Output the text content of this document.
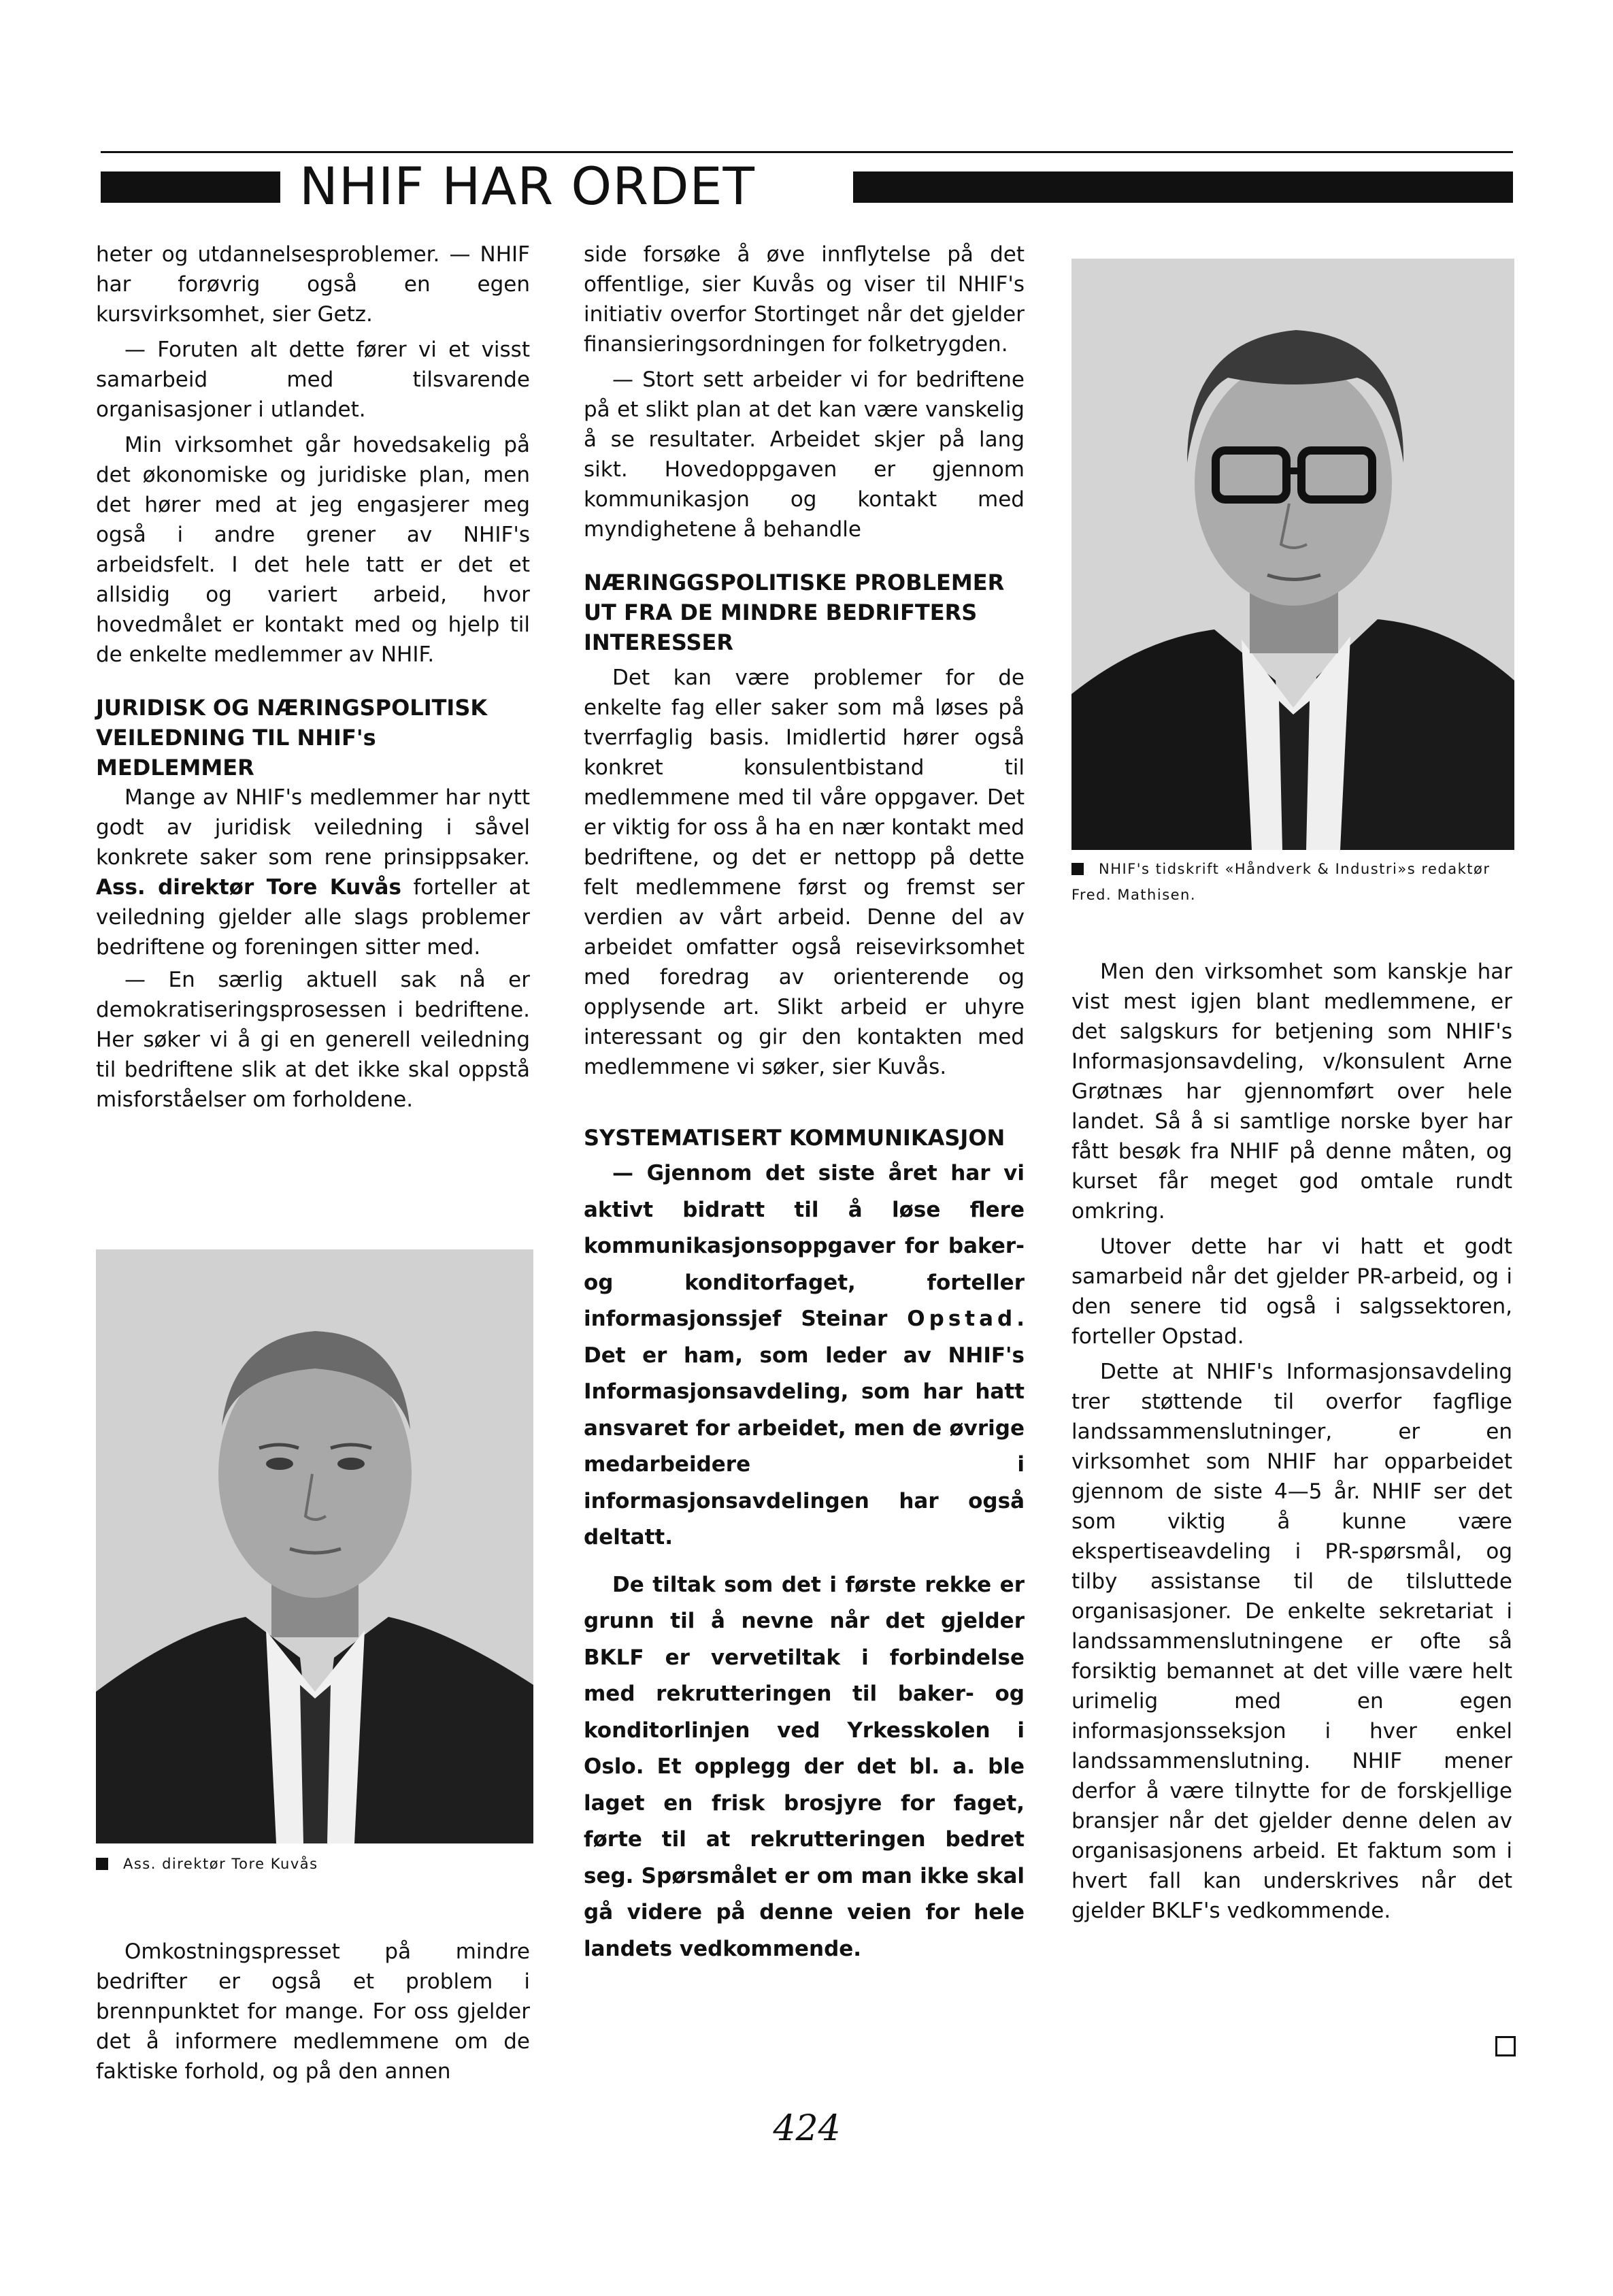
NHIF HAR ORDET

heter og utdannelsesproblemer. — NHIF har forøvrig også en egen kursvirksomhet, sier Getz.

— Foruten alt dette fører vi et visst samarbeid med tilsvarende organisasjoner i utlandet.

Min virksomhet går hovedsakelig på det økonomiske og juridiske plan, men det hører med at jeg engasjerer meg også i andre grener av NHIF's arbeidsfelt. I det hele tatt er det et allsidig og variert arbeid, hvor hovedmålet er kontakt med og hjelp til de enkelte medlemmer av NHIF.

JURIDISK OG NÆRINGSPOLITISK VEILEDNING TIL NHIF's MEDLEMMER

Mange av NHIF's medlemmer har nytt godt av juridisk veiledning i såvel konkrete saker som rene prinsippsaker. Ass. direktør Tore Kuvås forteller at veiledning gjelder alle slags problemer bedriftene og foreningen sitter med.

— En særlig aktuell sak nå er demokratiseringsprosessen i bedriftene. Her søker vi å gi en generell veiledning til bedriftene slik at det ikke skal oppstå misforståelser om forholdene.

Ass. direktør Tore Kuvås

Omkostningspresset på mindre bedrifter er også et problem i brennpunktet for mange. For oss gjelder det å informere medlemmene om de faktiske forhold, og på den annen

side forsøke å øve innflytelse på det offentlige, sier Kuvås og viser til NHIF's initiativ overfor Stortinget når det gjelder finansieringsordningen for folketrygden.

— Stort sett arbeider vi for bedriftene på et slikt plan at det kan være vanskelig å se resultater. Arbeidet skjer på lang sikt. Hovedoppgaven er gjennom kommunikasjon og kontakt med myndighetene å behandle

NÆRINGGSPOLITISKE PROBLEMER UT FRA DE MINDRE BEDRIFTERS INTERESSER

Det kan være problemer for de enkelte fag eller saker som må løses på tverrfaglig basis. Imidlertid hører også konkret konsulentbistand til medlemmene med til våre oppgaver. Det er viktig for oss å ha en nær kontakt med bedriftene, og det er nettopp på dette felt medlemmene først og fremst ser verdien av vårt arbeid. Denne del av arbeidet omfatter også reisevirksomhet med foredrag av orienterende og opplysende art. Slikt arbeid er uhyre interessant og gir den kontakten med medlemmene vi søker, sier Kuvås.

SYSTEMATISERT KOMMUNIKASJON

— Gjennom det siste året har vi aktivt bidratt til å løse flere kommunikasjonsoppgaver for baker- og konditorfaget, forteller informasjonssjef Steinar Opstad. Det er ham, som leder av NHIF's Informasjonsavdeling, som har hatt ansvaret for arbeidet, men de øvrige medarbeidere i informasjonsavdelingen har også deltatt.

De tiltak som det i første rekke er grunn til å nevne når det gjelder BKLF er vervetiltak i forbindelse med rekrutteringen til baker- og konditorlinjen ved Yrkesskolen i Oslo. Et opplegg der det bl. a. ble laget en frisk brosjyre for faget, førte til at rekrutteringen bedret seg. Spørsmålet er om man ikke skal gå videre på denne veien for hele landets vedkommende.

NHIF's tidskrift «Håndverk & Industri»s redaktør Fred. Mathisen.

Men den virksomhet som kanskje har vist mest igjen blant medlemmene, er det salgskurs for betjening som NHIF's Informasjonsavdeling, v/konsulent Arne Grøtnæs har gjennomført over hele landet. Så å si samtlige norske byer har fått besøk fra NHIF på denne måten, og kurset får meget god omtale rundt omkring.

Utover dette har vi hatt et godt samarbeid når det gjelder PR-arbeid, og i den senere tid også i salgssektoren, forteller Opstad.

Dette at NHIF's Informasjonsavdeling trer støttende til overfor fagflige landssammenslutninger, er en virksomhet som NHIF har opparbeidet gjennom de siste 4—5 år. NHIF ser det som viktig å kunne være ekspertiseavdeling i PR-spørsmål, og tilby assistanse til de tilsluttede organisasjoner. De enkelte sekretariat i landssammenslutningene er ofte så forsiktig bemannet at det ville være helt urimelig med en egen informasjonsseksjon i hver enkel landssammenslutning. NHIF mener derfor å være tilnytte for de forskjellige bransjer når det gjelder denne delen av organisasjonens arbeid. Et faktum som i hvert fall kan underskrives når det gjelder BKLF's vedkommende.

424
